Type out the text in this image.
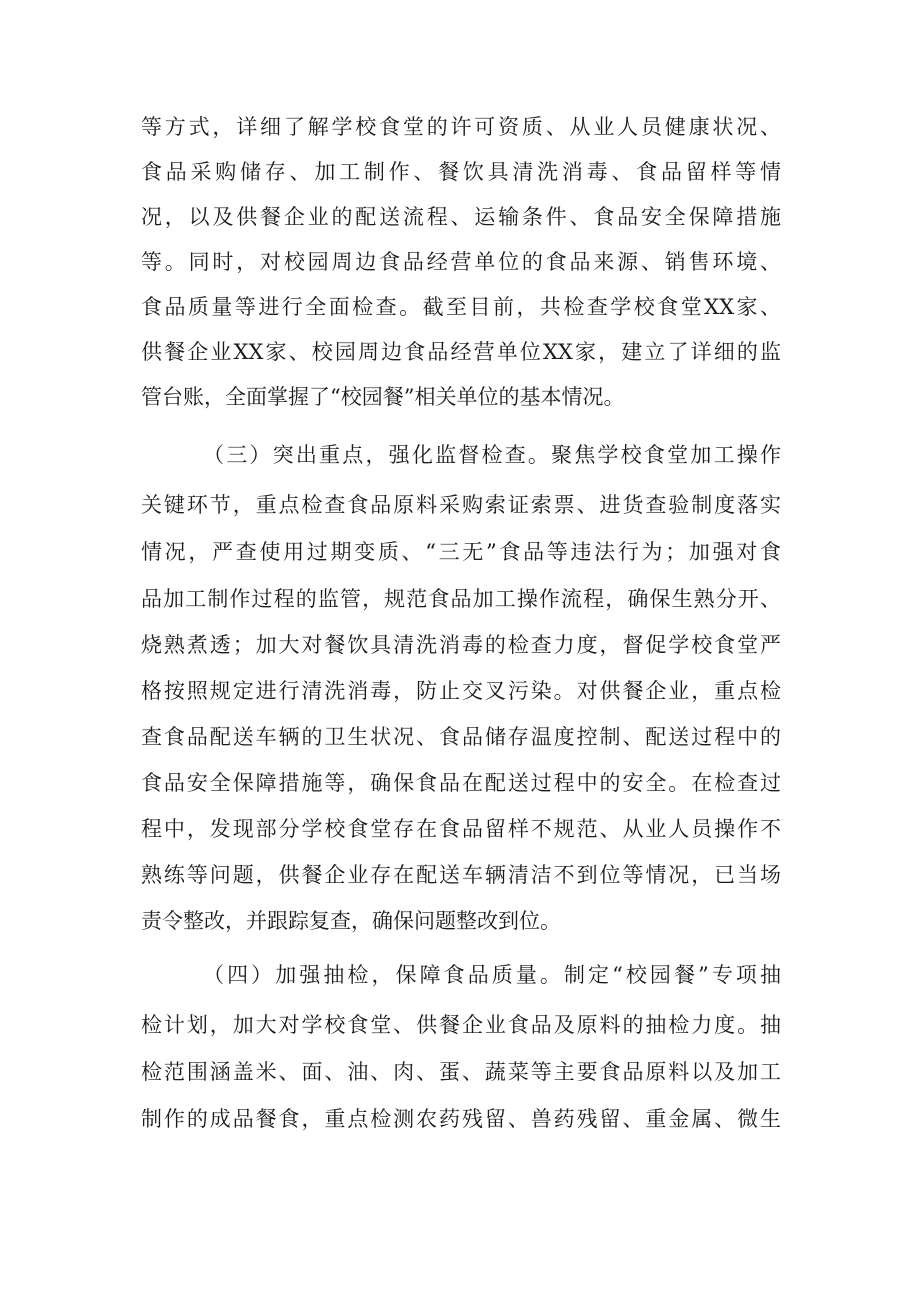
等方式，详细了解学校食堂的许可资质、从业人员健康状况、
食品采购储存、加工制作、餐饮具清洗消毒、食品留样等情
况，以及供餐企业的配送流程、运输条件、食品安全保障措施
等。同时，对校园周边食品经营单位的食品来源、销售环境、
食品质量等进行全面检查。截至目前，共检查学校食堂XX家、
供餐企业XX家、校园周边食品经营单位XX家，建立了详细的监
管台账，全面掌握了“校园餐”相关单位的基本情况。
（三）突出重点，强化监督检查。聚焦学校食堂加工操作
关键环节，重点检查食品原料采购索证索票、进货查验制度落实
情况，严查使用过期变质、“三无”食品等违法行为；加强对食
品加工制作过程的监管，规范食品加工操作流程，确保生熟分开、
烧熟煮透；加大对餐饮具清洗消毒的检查力度，督促学校食堂严
格按照规定进行清洗消毒，防止交叉污染。对供餐企业，重点检
查食品配送车辆的卫生状况、食品储存温度控制、配送过程中的
食品安全保障措施等，确保食品在配送过程中的安全。在检查过
程中，发现部分学校食堂存在食品留样不规范、从业人员操作不
熟练等问题，供餐企业存在配送车辆清洁不到位等情况，已当场
责令整改，并跟踪复查，确保问题整改到位。
（四）加强抽检，保障食品质量。制定“校园餐”专项抽
检计划，加大对学校食堂、供餐企业食品及原料的抽检力度。抽
检范围涵盖米、面、油、肉、蛋、蔬菜等主要食品原料以及加工
制作的成品餐食，重点检测农药残留、兽药残留、重金属、微生
